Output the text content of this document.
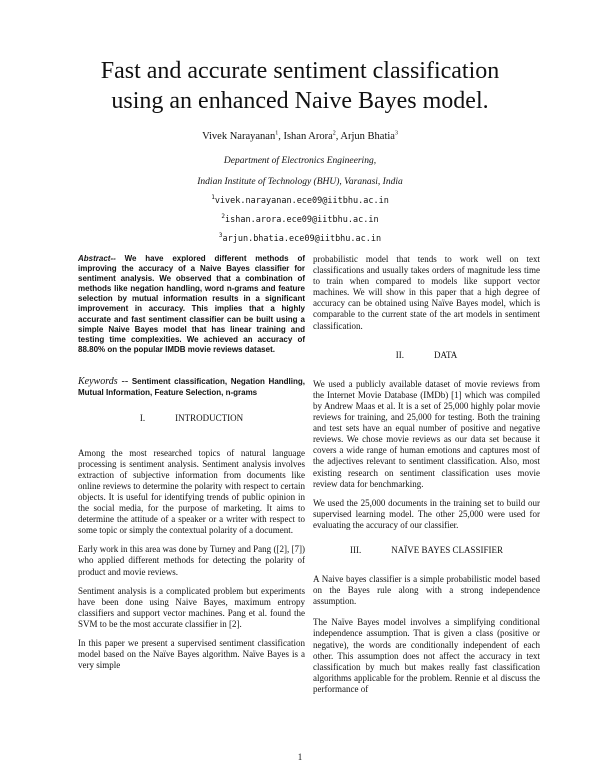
Fast and accurate sentiment classification
using an enhanced Naive Bayes model.
Vivek Narayanan$^1$, Ishan Arora$^2$, Arjun Bhatia$^3$
Department of Electronics Engineering,
Indian Institute of Technology (BHU), Varanasi, India
$^1$vivek.narayanan.ece09@iitbhu.ac.in
$^2$ishan.arora.ece09@iitbhu.ac.in
$^3$arjun.bhatia.ece09@iitbhu.ac.in

Abstract-- We have explored different methods of improving the accuracy of a Naive Bayes classifier for sentiment analysis. We observed that a combination of methods like negation handling, word n-grams and feature selection by mutual information results in a significant improvement in accuracy. This implies that a highly accurate and fast sentiment classifier can be built using a simple Naive Bayes model that has linear training and testing time complexities. We achieved an accuracy of 88.80% on the popular IMDB movie reviews dataset.

Keywords -- Sentiment classification, Negation Handling, Mutual Information, Feature Selection, n-grams

I.	INTRODUCTION

Among the most researched topics of natural language processing is sentiment analysis. Sentiment analysis involves extraction of subjective information from documents like online reviews to determine the polarity with respect to certain objects. It is useful for identifying trends of public opinion in the social media, for the purpose of marketing. It aims to determine the attitude of a speaker or a writer with respect to some topic or simply the contextual polarity of a document.

Early work in this area was done by Turney and Pang ([2], [7]) who applied different methods for detecting the polarity of product and movie reviews.

Sentiment analysis is a complicated problem but experiments have been done using Naive Bayes, maximum entropy classifiers and support vector machines. Pang et al. found the SVM to be the most accurate classifier in [2].

In this paper we present a supervised sentiment classification model based on the Naïve Bayes algorithm. Naïve Bayes is a very simple

probabilistic model that tends to work well on text classifications and usually takes orders of magnitude less time to train when compared to models like support vector machines. We will show in this paper that a high degree of accuracy can be obtained using Naïve Bayes model, which is comparable to the current state of the art models in sentiment classification.

II.	DATA

We used a publicly available dataset of movie reviews from the Internet Movie Database (IMDb) [1] which was compiled by Andrew Maas et al. It is a set of 25,000 highly polar movie reviews for training, and 25,000 for testing. Both the training and test sets have an equal number of positive and negative reviews. We chose movie reviews as our data set because it covers a wide range of human emotions and captures most of the adjectives relevant to sentiment classification. Also, most existing research on sentiment classification uses movie review data for benchmarking.

We used the 25,000 documents in the training set to build our supervised learning model. The other 25,000 were used for evaluating the accuracy of our classifier.

III.	NAÏVE BAYES CLASSIFIER

A Naive bayes classifier is a simple probabilistic model based on the Bayes rule along with a strong independence assumption.

The Naïve Bayes model involves a simplifying conditional independence assumption. That is given a class (positive or negative), the words are conditionally independent of each other. This assumption does not affect the accuracy in text classification by much but makes really fast classification algorithms applicable for the problem. Rennie et al discuss the performance of

1
